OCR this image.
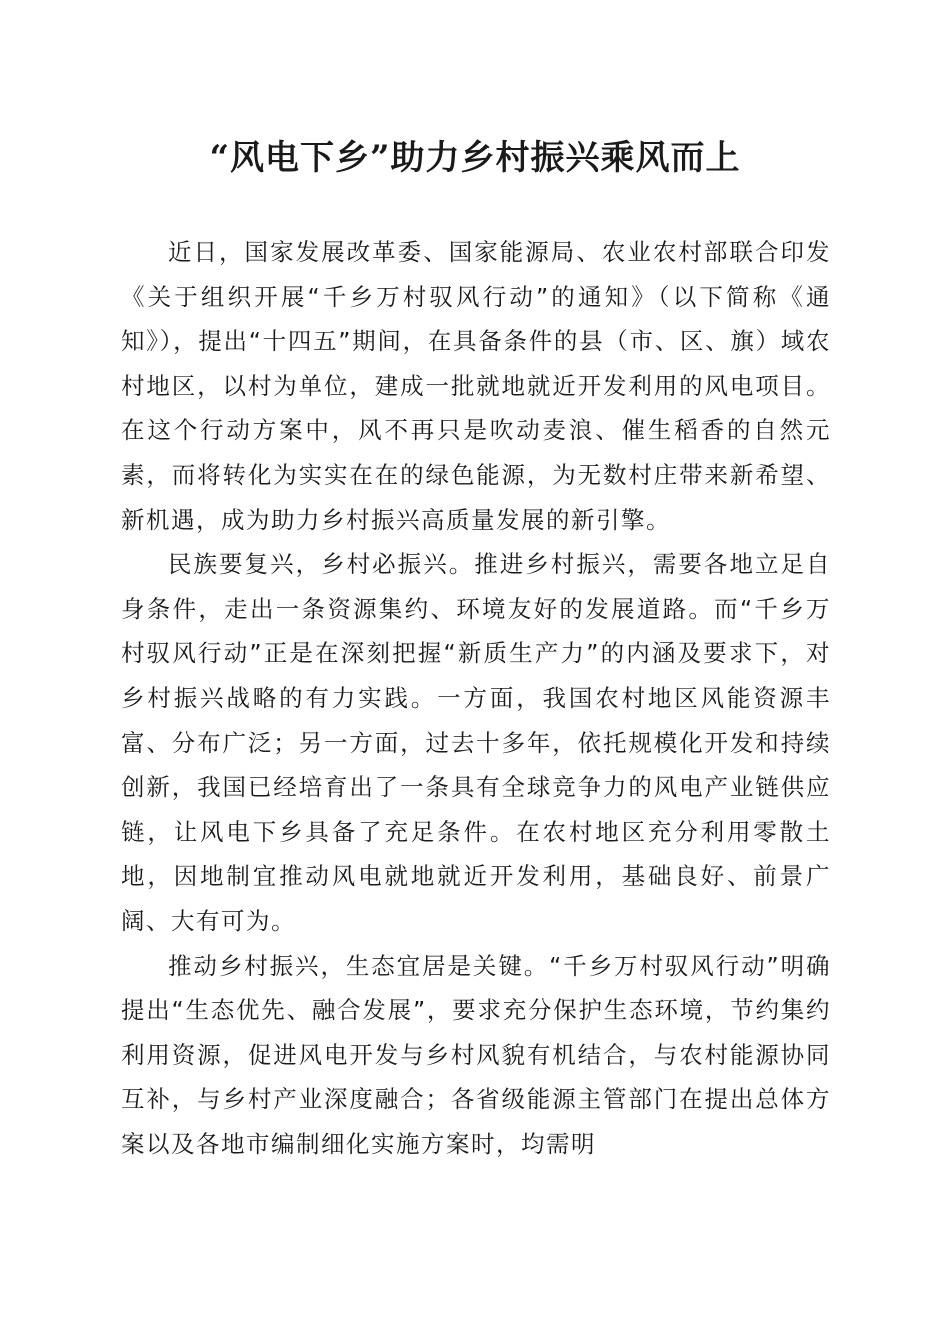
“风电下乡”助力乡村振兴乘风而上

近日，国家发展改革委、国家能源局、农业农村部联合印发《关于组织开展“千乡万村驭风行动”的通知》（以下简称《通知》），提出“十四五”期间，在具备条件的县（市、区、旗）域农村地区，以村为单位，建成一批就地就近开发利用的风电项目。在这个行动方案中，风不再只是吹动麦浪、催生稻香的自然元素，而将转化为实实在在的绿色能源，为无数村庄带来新希望、新机遇，成为助力乡村振兴高质量发展的新引擎。

民族要复兴，乡村必振兴。推进乡村振兴，需要各地立足自身条件，走出一条资源集约、环境友好的发展道路。而“千乡万村驭风行动”正是在深刻把握“新质生产力”的内涵及要求下，对乡村振兴战略的有力实践。一方面，我国农村地区风能资源丰富、分布广泛；另一方面，过去十多年，依托规模化开发和持续创新，我国已经培育出了一条具有全球竞争力的风电产业链供应链，让风电下乡具备了充足条件。在农村地区充分利用零散土地，因地制宜推动风电就地就近开发利用，基础良好、前景广阔、大有可为。

推动乡村振兴，生态宜居是关键。“千乡万村驭风行动”明确提出“生态优先、融合发展”，要求充分保护生态环境，节约集约利用资源，促进风电开发与乡村风貌有机结合，与农村能源协同互补，与乡村产业深度融合；各省级能源主管部门在提出总体方案以及各地市编制细化实施方案时，均需明
